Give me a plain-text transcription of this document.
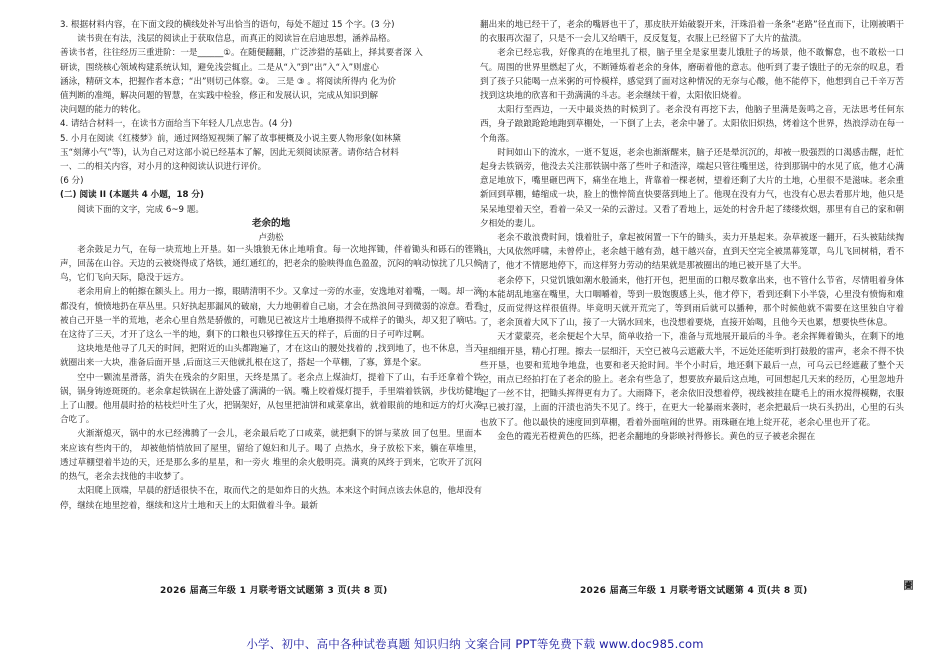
3. 根据材料内容，在下面文段的横线处补写出恰当的语句，每处不超过 15 个字。(3 分)

读书贵在有法，浅层的阅读止于获取信息，而真正的阅读旨在启迪思想，涵养品格。

善读书者，往往经历三重进阶：一是______①。在随便翻翻，广泛涉猎的基础上，择其要者深 入

研读，围绕核心领域构建系统认知，避免浅尝辄止。二是从“入”到“出”入“入”则虚心

涵泳，精研文本，把握作者本意；“出”则切己体察。②。 三是 ③ 。将阅读所得内 化为价

值判断的准绳，解决问题的智慧，在实践中检验，修正和发展认识，完成从知识到解

决问题的能力的转化。

4. 请结合材料一，在读书方面给当下年轻人几点忠告。(4 分)

5. 小月在阅读《红楼梦》前，通过网络短视频了解了故事梗概及小说主要人物形象(如林黛

玉“刻薄小气”等)，认为自己对这部小说已经基本了解，因此无须阅读原著。请你结合材料

一、二的相关内容，对小月的这种阅读认识进行评价。

(6 分)

(二) 阅读 II (本题共 4 小题，18 分)

阅读下面的文字，完成 6~9 题。

老余的地

卢劲松

老余鼓足力气，在每一块荒地上开垦。如一头饿狼无休止地啃食。每一次地挥锄，伴着锄头和砾石的铿锵声，回荡在山谷。天边的云被烧得成了烙铁，通红通红的，把老余的脸映得血色盈盈，沉闷的响动惊扰了几只候鸟，它们飞向天际，隐没于远方。

老余用肩上的帕擦在额头上。用力一擦，眼睛清明不少。又拿过一旁的水壶，安逸地对着嘴，一喝。却一滴都没有，愤愤地扔在草丛里。只好执起那漏风的破扇，大力地朝着自己扇，才会在热浪间寻到微弱的凉意。看看被自己开垦一半的荒地，老余心里自然是骄傲的，可瞧见已被这片土地磨损得不成样子的锄头，却又犯了嘀咕。在这待了三天，才开了这么一半的地，剩下的口粮也只够撑住五天的样子，后面的日子可咋过啊。

这块地是他寻了几天的时间，把附近的山头都跑遍了，才在这山的腰处找着的 ,找到地了，也不休息，当天就圈出来一大块，准备后面开垦 ,后面这三天他就扎根在这了，搭起一个草棚，了寡，算是个家。

空中一颗流星滑落，消失在残余的夕阳里，天终是黑了。老余点上煤油灯，提着下了山，右手还拿着个铁锅，锅身铸迹斑斑的。老余拿起铁锅在上游处盛了满满的一锅。嘴上咬着煤灯提手，手里端着铁锅，步伐坊健地上了山腰。他用晨时拾的枯枝烂叶生了火，把锅架好，从包里把油饼和咸菜拿出，就着眼前的地和远方的灯火凑合吃了。

火渐渐熄灭，锅中的水已经沸腾了一会儿，老余最后吃了口咸菜，就把剩下的饼与菜放 回了包里。里面本来应该有些肉干的， 却被他悄悄放回了屋里，留给了媳妇和儿子。喝了 点热水，身子放松下来，躺在草堆里，透过草棚望着半边的天，还是那么多的星星，和一旁火 堆里的余火般明亮。满爽的风终于到来，它吹开了沉闷的热气，老余去找他的丰收梦了。

太阳爬上顶端，早晨的舒适很快不在，取而代之的是如炸日的火热。本来这个时间点该去休息的，他却没有停，继续在地里挖着，继续和这片土地和天上的太阳做着斗争。最新

翻出来的地已经干了，老余的嘴唇也干了，那皮肤开始破裂开来，汗珠沿着一条条“老路”径直而下，让刚被晒干的衣服再次湿了，只是不一会儿又给晒干，反反复复，衣服上已经留下了大片的盐渍。

老余已经忘我，好像真的在地里扎了根，脑子里全是家里妻儿饿肚子的场景，他不敢懈怠，也不敢松一口气。周围的世界里燃起了火，不断锤炼着老余的身体，磨砺着他的意志。他听到了妻子饿肚子的无奈的叹息，看到了孩子只能喝一点米粥的可怜模样，感觉到了面对这种情况的无奈与心酸，他不能停下，他想到自己千辛万苦找到这块地的欣喜和干劲满满的斗志。老余继续干着，太阳依旧烧着。

太阳行至西边，一天中最炎热的时候到了。老余没有再挖下去，他脑子里满是轰鸣之音，无法思考任何东西，身子踉踉跄跄地跑到草棚处，一下倒了上去，老余中暑了。太阳依旧炽热，烤着这个世界，热浪浮动在每一个角落。

时间如山下的流水，一逝不复返，老余也渐渐醒来，脑子还是晕沉沉的，却被一股强烈的口渴感击醒，赶忙起身去铁锅旁，他没去关注那铁锅中落了些叶子和渣滓，端起只管往嘴里送，待到那锅中的水见了底，他才心满意足地放下，嘴里砸巴两下，痛坐在地上，背靠着一棵老树，望着还剩了大片的土地，心里很不是滋味。老余重新回到草棚，蜷缩成一块，脸上的憔悴简直快要落到地上了。他现在没有力气，也没有心思去看那片地，他只是呆呆地望着天空，看着一朵又一朵的云游过。又看了看地上，远处的村舍升起了缕缕炊烟，那里有自己的家和朝夕相处的妻儿。

老余不敢浪费时间，饿着肚子，拿起被闲置一下午的锄头，卖力开垦起来。杂草被逐一翻开，石头被陆续掏出，大风依然呼啸，未曾停止，老余越干越有劲，越干越兴奋，直到天空完全被黑幕笼罩，鸟儿飞回树梢，看不清了，他才不情愿地停下，而这样努力劳动的结果就是那被圈出的地已被开垦了大半。

老余停下，只觉饥饿如潮水般涌来，他打开包，把里面的口粮尽数拿出来，也不管什么节省，尽情咀着身体的本能胡乱地塞在嘴里，大口咽嚼着，等到一股饱腹感上头，他才停下，看到还剩下小半袋，心里没有愤悔和难过，反而觉得这样很值得。毕竟明天就开荒完了，等到雨后就可以播种，那个时候他就不需要在这里独自守着了，老余顶着大风下了山，接了一大锅水回来，也没想着要烧，直接开始喝，且他今天也累，想要快些休息。

天才蒙蒙亮，老余便起个大早，简单收拾一下，准备与荒地展开最后的斗争。老余挥舞着锄头，在剩下的地里细细开垦，精心打理。擦去一层细汗，天空已被乌云遮蔽大半，不远处还能听到打鼓般的雷声，老余不得不快些开垦，也要和荒地争地盘，也要和老天抢时间。半个小时后，地还剩下最后一点，可乌云已经遮蔽了整个天空，雨点已经拍打在了老余的脸上。老余有些急了，想要放弃最后这点地，可回想起几天来的经历，心里忽地升起了一丝不甘，把锄头挥得更有力了。大雨降下，老余依旧没想着停，视线被挂在睫毛上的雨水搅得模糊，衣服早已被打湿，上面的汗渍也消失不见了。终于，在更大一轮暴雨来袭时，老余把最后一块石头扔出，心里的石头也放下了。他以最快的速度回到草棚，看着外面喧闹的世界。雨珠砸在地上绽开花，老余心里也开了花。

金色的霞光若橙黄色的匹练，把老余翻地的身影映衬得修长。黄色的豆子被老余握在

2026 届高三年级 1 月联考语文试题第 3 页(共 8 页)	2026 届高三年级 1 月联考语文试题第 4 页(共 8 页)	圕
小学、初中、高中各种试卷真题 知识归纳 文案合同 PPT等免费下载 www.doc985.com
